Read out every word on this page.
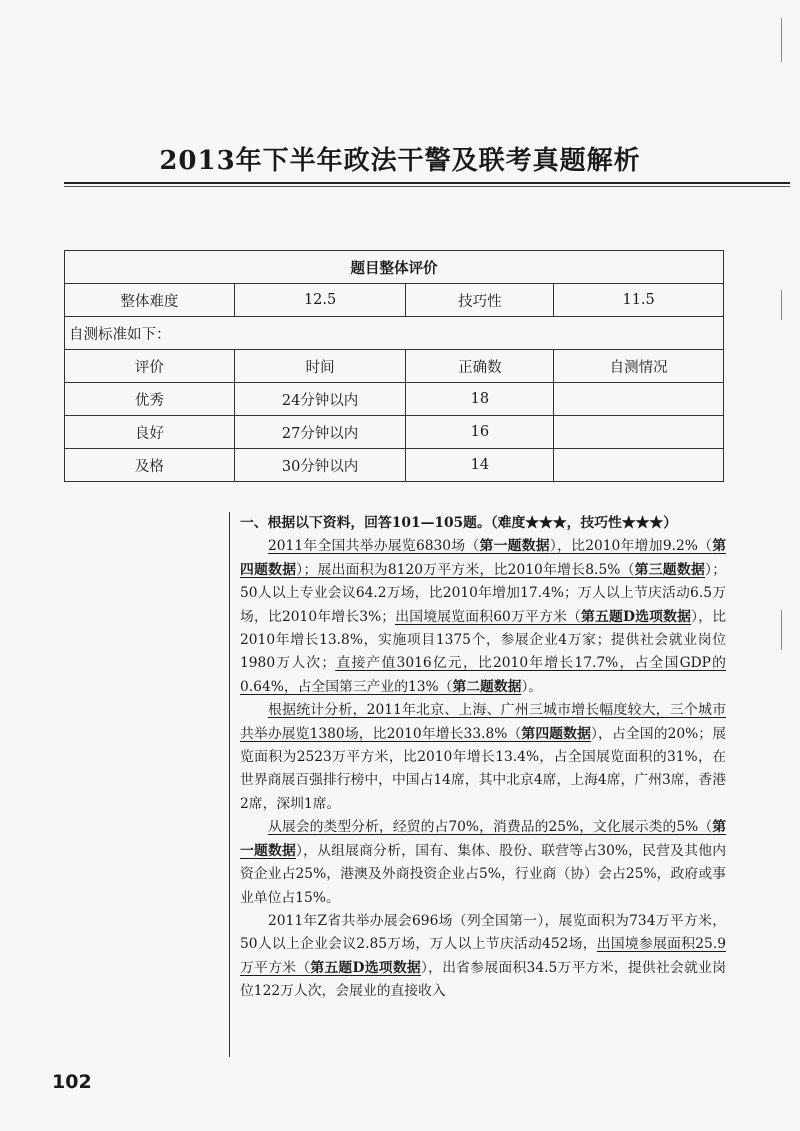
2013年下半年政法干警及联考真题解析
题目整体评价			
整体难度	12.5	技巧性	11.5
自测标准如下：			
评价	时间	正确数	自测情况
优秀	24分钟以内	18	
良好	27分钟以内	16	
及格	30分钟以内	14	

一、根据以下资料，回答101—105题。（难度★★★，技巧性★★★）

2011年全国共举办展览6830场（第一题数据），比2010年增加9.2%（第四题数据）；展出面积为8120万平方米，比2010年增长8.5%（第三题数据）；50人以上专业会议64.2万场，比2010年增加17.4%；万人以上节庆活动6.5万场，比2010年增长3%；出国境展览面积60万平方米（第五题D选项数据），比2010年增长13.8%，实施项目1375个，参展企业4万家；提供社会就业岗位1980万人次；直接产值3016亿元，比2010年增长17.7%，占全国GDP的0.64%，占全国第三产业的13%（第二题数据）。

根据统计分析，2011年北京、上海、广州三城市增长幅度较大，三个城市共举办展览1380场，比2010年增长33.8%（第四题数据），占全国的20%；展览面积为2523万平方米，比2010年增长13.4%，占全国展览面积的31%，在世界商展百强排行榜中，中国占14席，其中北京4席，上海4席，广州3席，香港2席，深圳1席。

从展会的类型分析，经贸的占70%，消费品的25%，文化展示类的5%（第一题数据），从组展商分析，国有、集体、股份、联营等占30%，民营及其他内资企业占25%，港澳及外商投资企业占5%，行业商（协）会占25%，政府或事业单位占15%。

2011年Z省共举办展会696场（列全国第一），展览面积为734万平方米，50人以上企业会议2.85万场，万人以上节庆活动452场，出国境参展面积25.9万平方米（第五题D选项数据），出省参展面积34.5万平方米，提供社会就业岗位122万人次，会展业的直接收入

102
